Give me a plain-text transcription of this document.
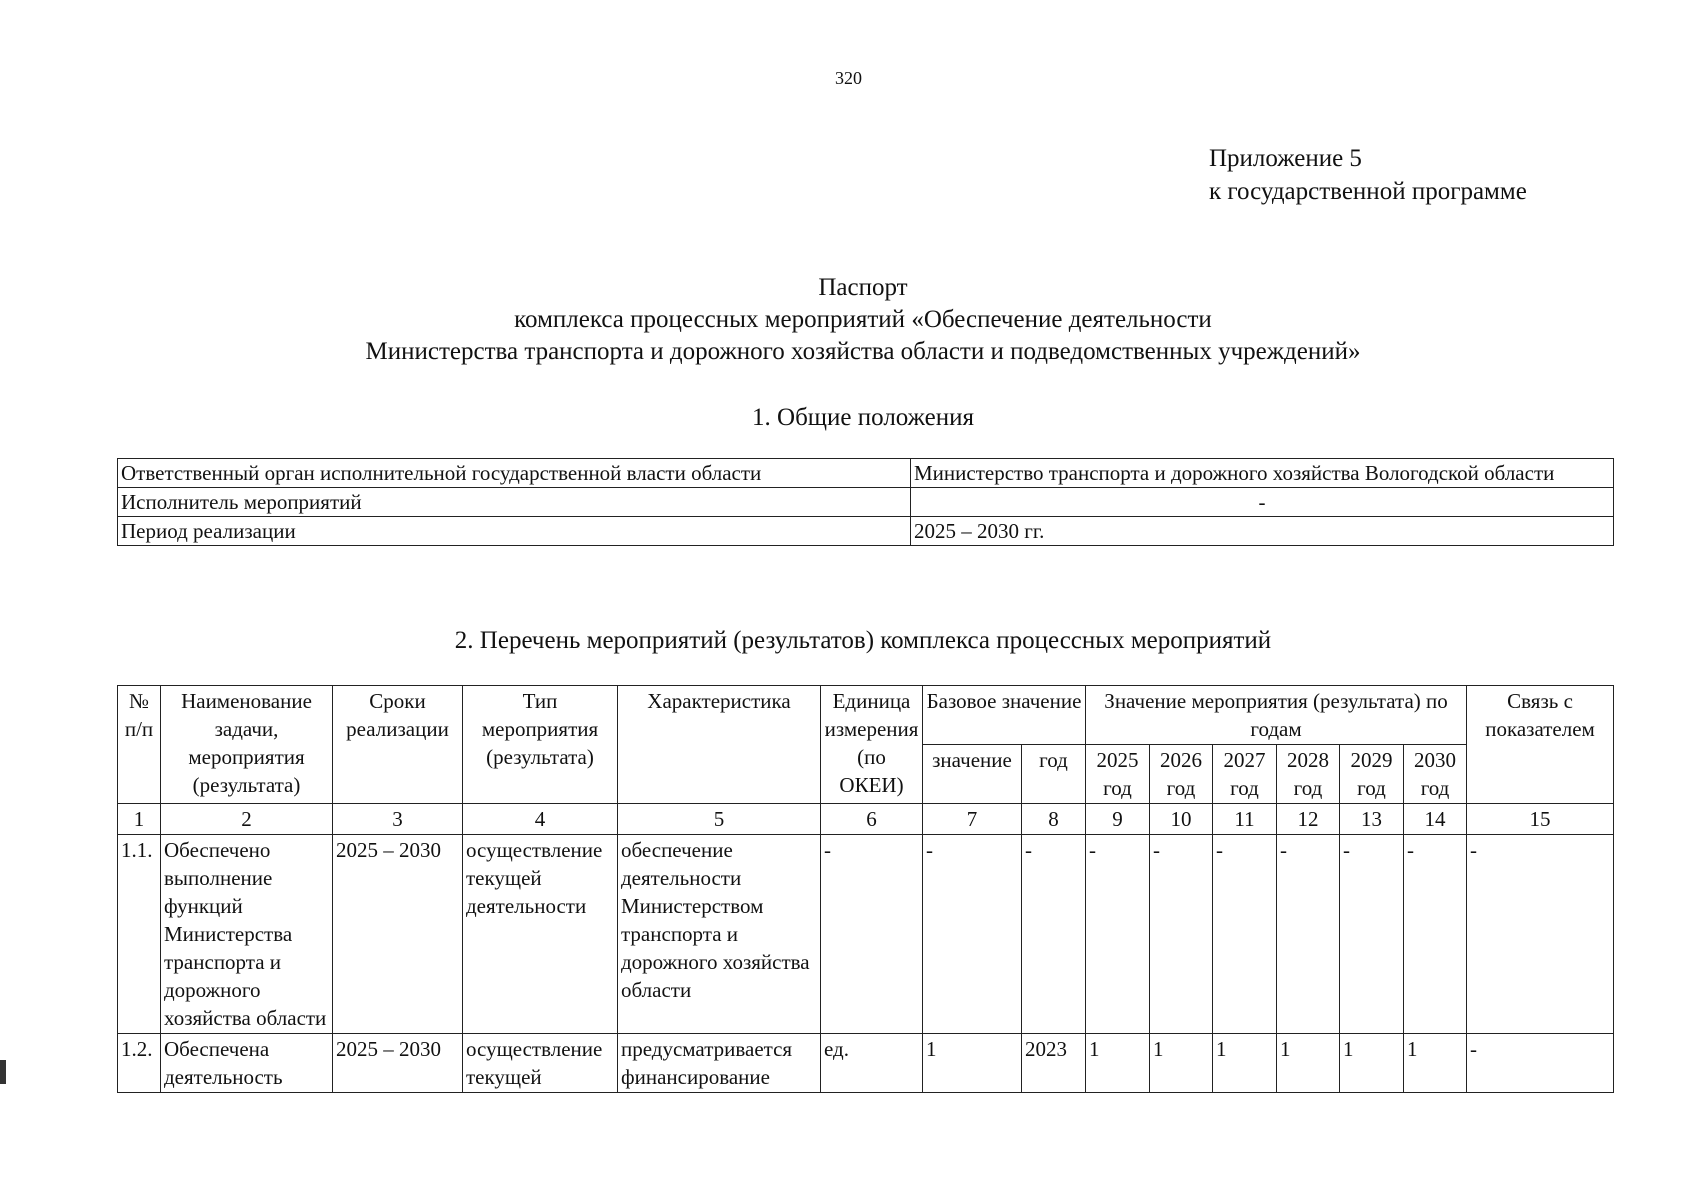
320
Приложение 5
к государственной программе
Паспорт
комплекса процессных мероприятий «Обеспечение деятельности
Министерства транспорта и дорожного хозяйства области и подведомственных учреждений»
1. Общие положения
Ответственный орган исполнительной государственной власти области	Министерство транспорта и дорожного хозяйства Вологодской области
Исполнитель мероприятий	-
Период реализации	2025 – 2030 гг.
2. Перечень мероприятий (результатов) комплекса процессных мероприятий
№ п/п	Наименование задачи, мероприятия (результата)	Сроки реализации	Тип мероприятия (результата)	Характеристика	Единица измерения (по ОКЕИ)	Базовое значение		Значение мероприятия (результата) по годам						Связь с показателем
						значение	год	2025 год	2026 год	2027 год	2028 год	2029 год	2030 год	
1	2	3	4	5	6	7	8	9	10	11	12	13	14	15
1.1.	Обеспечено выполнение функций Министерства транспорта и дорожного хозяйства области	2025 – 2030	осуществление текущей деятельности	обеспечение деятельности Министерством транспорта и дорожного хозяйства области	-	-	-	-	-	-	-	-	-	-
1.2.	Обеспечена деятельность	2025 – 2030	осуществление текущей	предусматривается финансирование	ед.	1	2023	1	1	1	1	1	1	-
